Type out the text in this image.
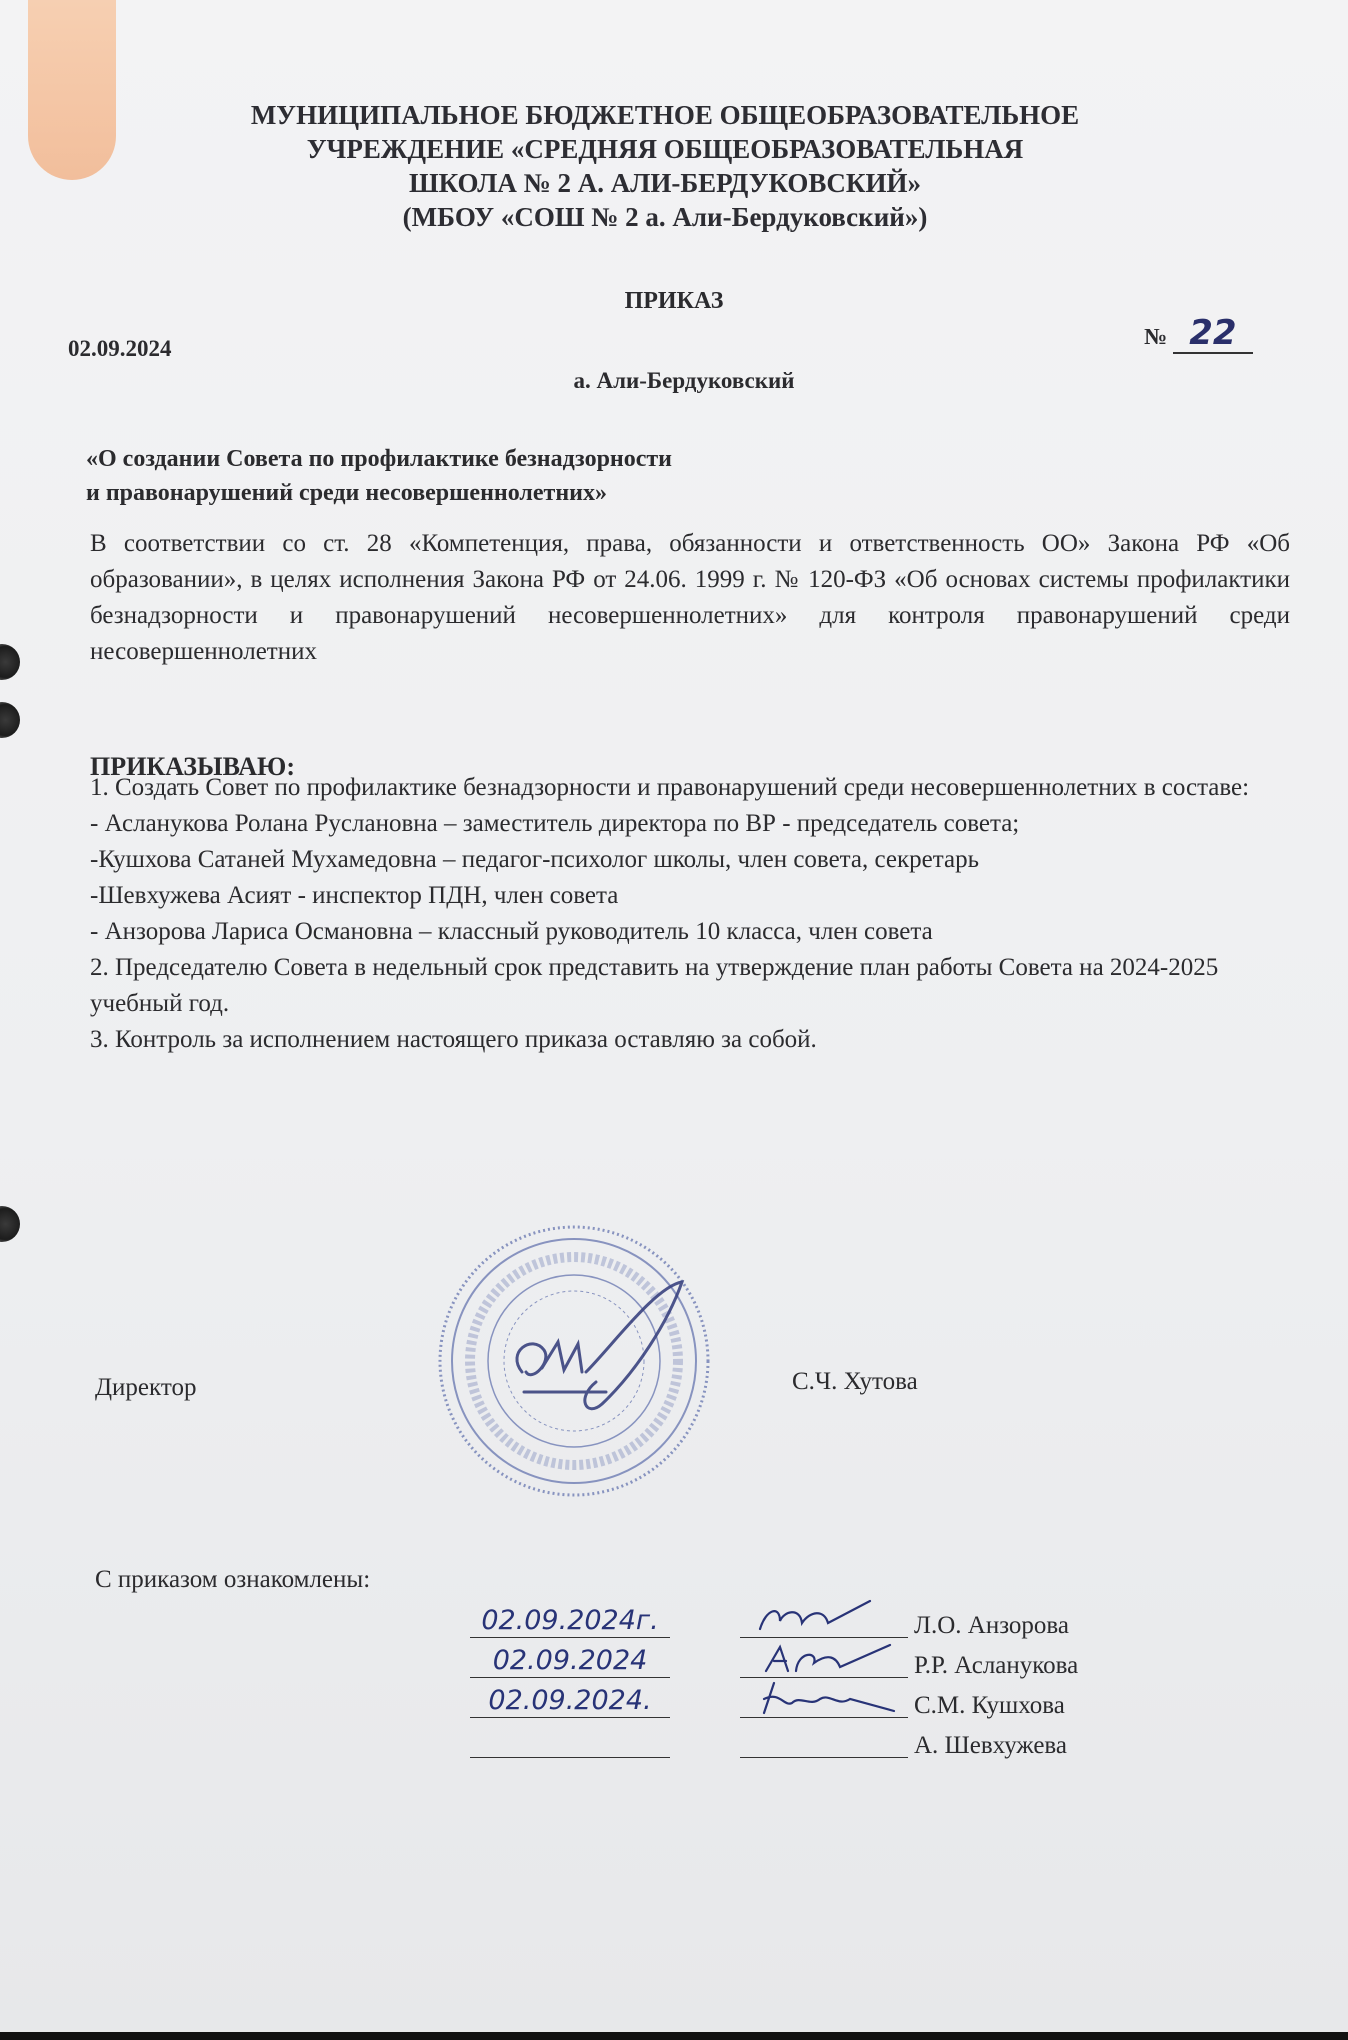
МУНИЦИПАЛЬНОЕ БЮДЖЕТНОЕ ОБЩЕОБРАЗОВАТЕЛЬНОЕ
УЧРЕЖДЕНИЕ «СРЕДНЯЯ ОБЩЕОБРАЗОВАТЕЛЬНАЯ
ШКОЛА № 2 А. АЛИ-БЕРДУКОВСКИЙ»
(МБОУ «СОШ № 2 а. Али-Бердуковский»)
ПРИКАЗ
02.09.2024	№ 22
а. Али-Бердуковский
«О создании Совета по профилактике безнадзорности
и правонарушений среди несовершеннолетних»
В соответствии со ст. 28 «Компетенция, права, обязанности и ответственность ОО» Закона РФ «Об образовании», в целях исполнения Закона РФ от 24.06. 1999 г. № 120-ФЗ «Об основах системы профилактики безнадзорности и правонарушений несовершеннолетних» для контроля правонарушений среди несовершеннолетних
ПРИКАЗЫВАЮ:

1. Создать Совет по профилактике безнадзорности и правонарушений среди несовершеннолетних в составе:

- Асланукова Ролана Руслановна – заместитель директора по ВР - председатель совета;

-Кушхова Сатаней Мухамедовна – педагог-психолог школы, член совета, секретарь

-Шевхужева Асият - инспектор ПДН, член совета

- Анзорова Лариса Османовна – классный руководитель 10 класса, член совета

2. Председателю Совета в недельный срок представить на утверждение план работы Совета на 2024-2025 учебный год.

3. Контроль за исполнением настоящего приказа оставляю за собой.

Директор	С.Ч. Хутова
С приказом ознакомлены:
02.09.2024г.	Л.О. Анзорова
02.09.2024	Р.Р. Асланукова
02.09.2024.	С.М. Кушхова
А. Шевхужева
